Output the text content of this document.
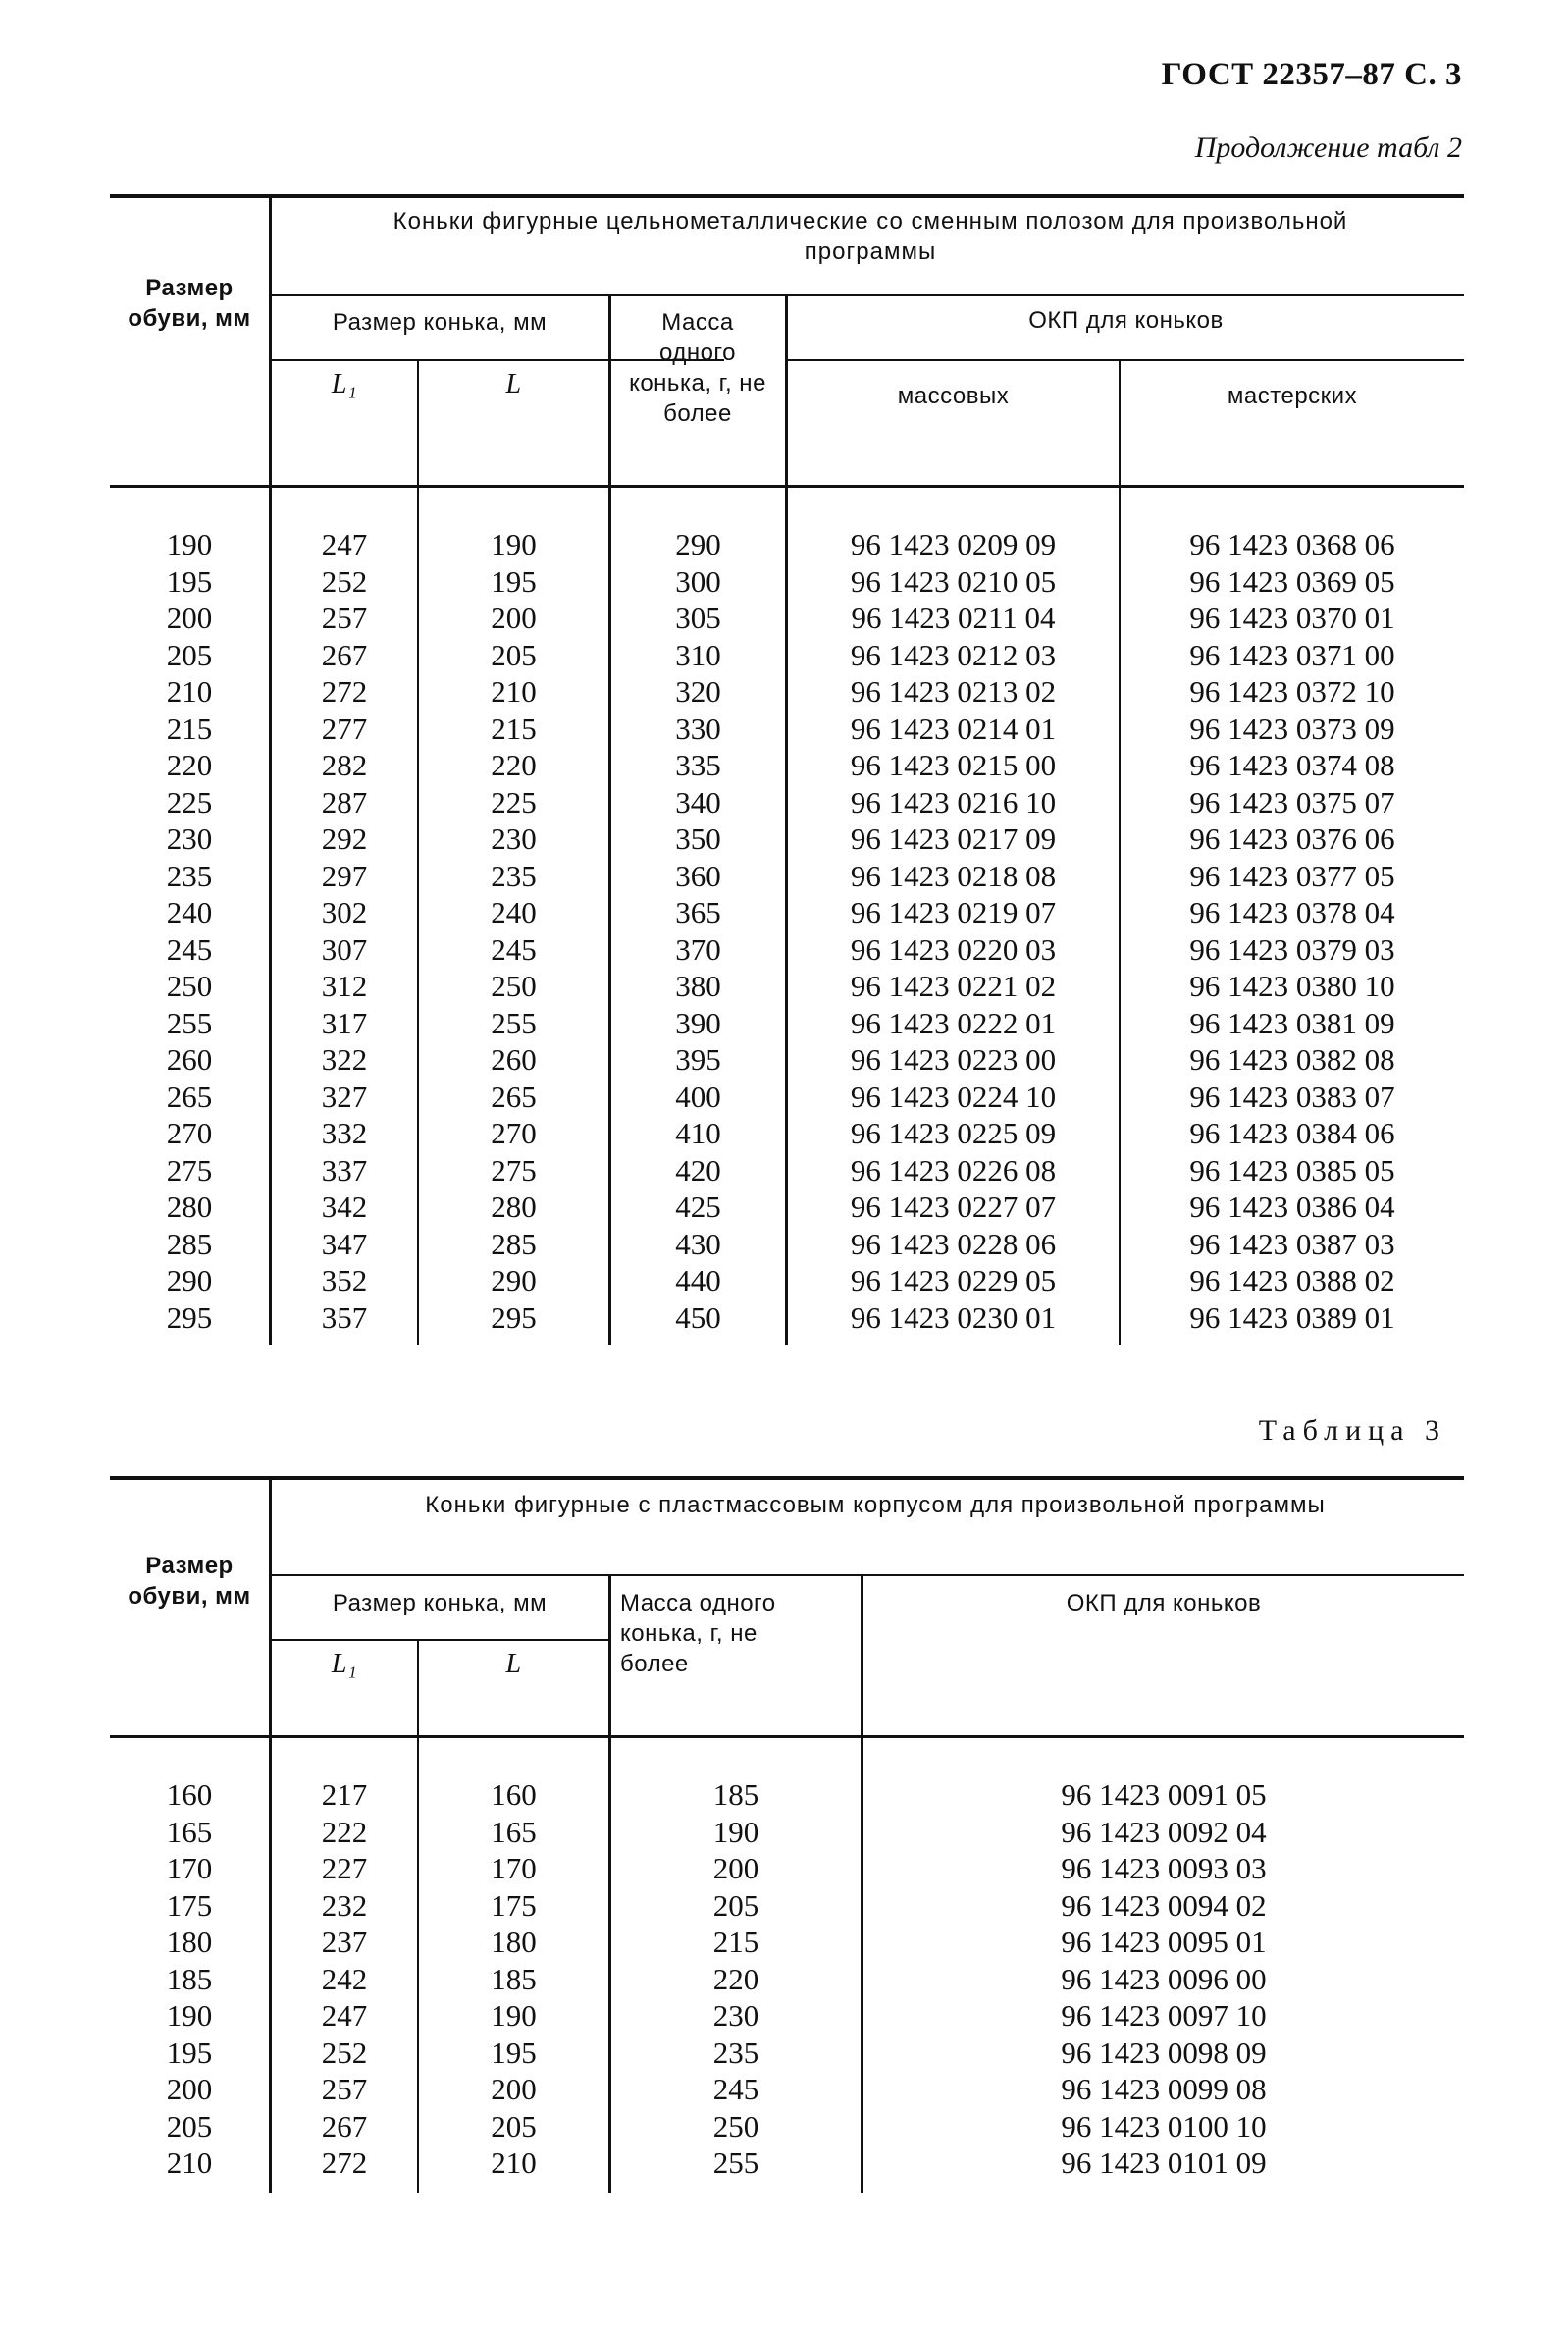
ГОСТ 22357–87 С. 3
Продолжение табл 2
Размер обуви, мм
Коньки фигурные цельнометаллические со сменным полозом для произвольной программы
Размер конька, мм
L₁	L
Масса одного конька, г, не более
ОКП для коньков
массовых	мастерских
190	247	190	290	96 1423 0209 09	96 1423 0368 06
195	252	195	300	96 1423 0210 05	96 1423 0369 05
200	257	200	305	96 1423 0211 04	96 1423 0370 01
205	267	205	310	96 1423 0212 03	96 1423 0371 00
210	272	210	320	96 1423 0213 02	96 1423 0372 10
215	277	215	330	96 1423 0214 01	96 1423 0373 09
220	282	220	335	96 1423 0215 00	96 1423 0374 08
225	287	225	340	96 1423 0216 10	96 1423 0375 07
230	292	230	350	96 1423 0217 09	96 1423 0376 06
235	297	235	360	96 1423 0218 08	96 1423 0377 05
240	302	240	365	96 1423 0219 07	96 1423 0378 04
245	307	245	370	96 1423 0220 03	96 1423 0379 03
250	312	250	380	96 1423 0221 02	96 1423 0380 10
255	317	255	390	96 1423 0222 01	96 1423 0381 09
260	322	260	395	96 1423 0223 00	96 1423 0382 08
265	327	265	400	96 1423 0224 10	96 1423 0383 07
270	332	270	410	96 1423 0225 09	96 1423 0384 06
275	337	275	420	96 1423 0226 08	96 1423 0385 05
280	342	280	425	96 1423 0227 07	96 1423 0386 04
285	347	285	430	96 1423 0228 06	96 1423 0387 03
290	352	290	440	96 1423 0229 05	96 1423 0388 02
295	357	295	450	96 1423 0230 01	96 1423 0389 01
Таблица 3
Размер обуви, мм
Коньки фигурные с пластмассовым корпусом для произвольной программы
Размер конька, мм
L₁	L
Масса одного конька, г, не более
ОКП для коньков
160	217	160	185	96 1423 0091 05
165	222	165	190	96 1423 0092 04
170	227	170	200	96 1423 0093 03
175	232	175	205	96 1423 0094 02
180	237	180	215	96 1423 0095 01
185	242	185	220	96 1423 0096 00
190	247	190	230	96 1423 0097 10
195	252	195	235	96 1423 0098 09
200	257	200	245	96 1423 0099 08
205	267	205	250	96 1423 0100 10
210	272	210	255	96 1423 0101 09
